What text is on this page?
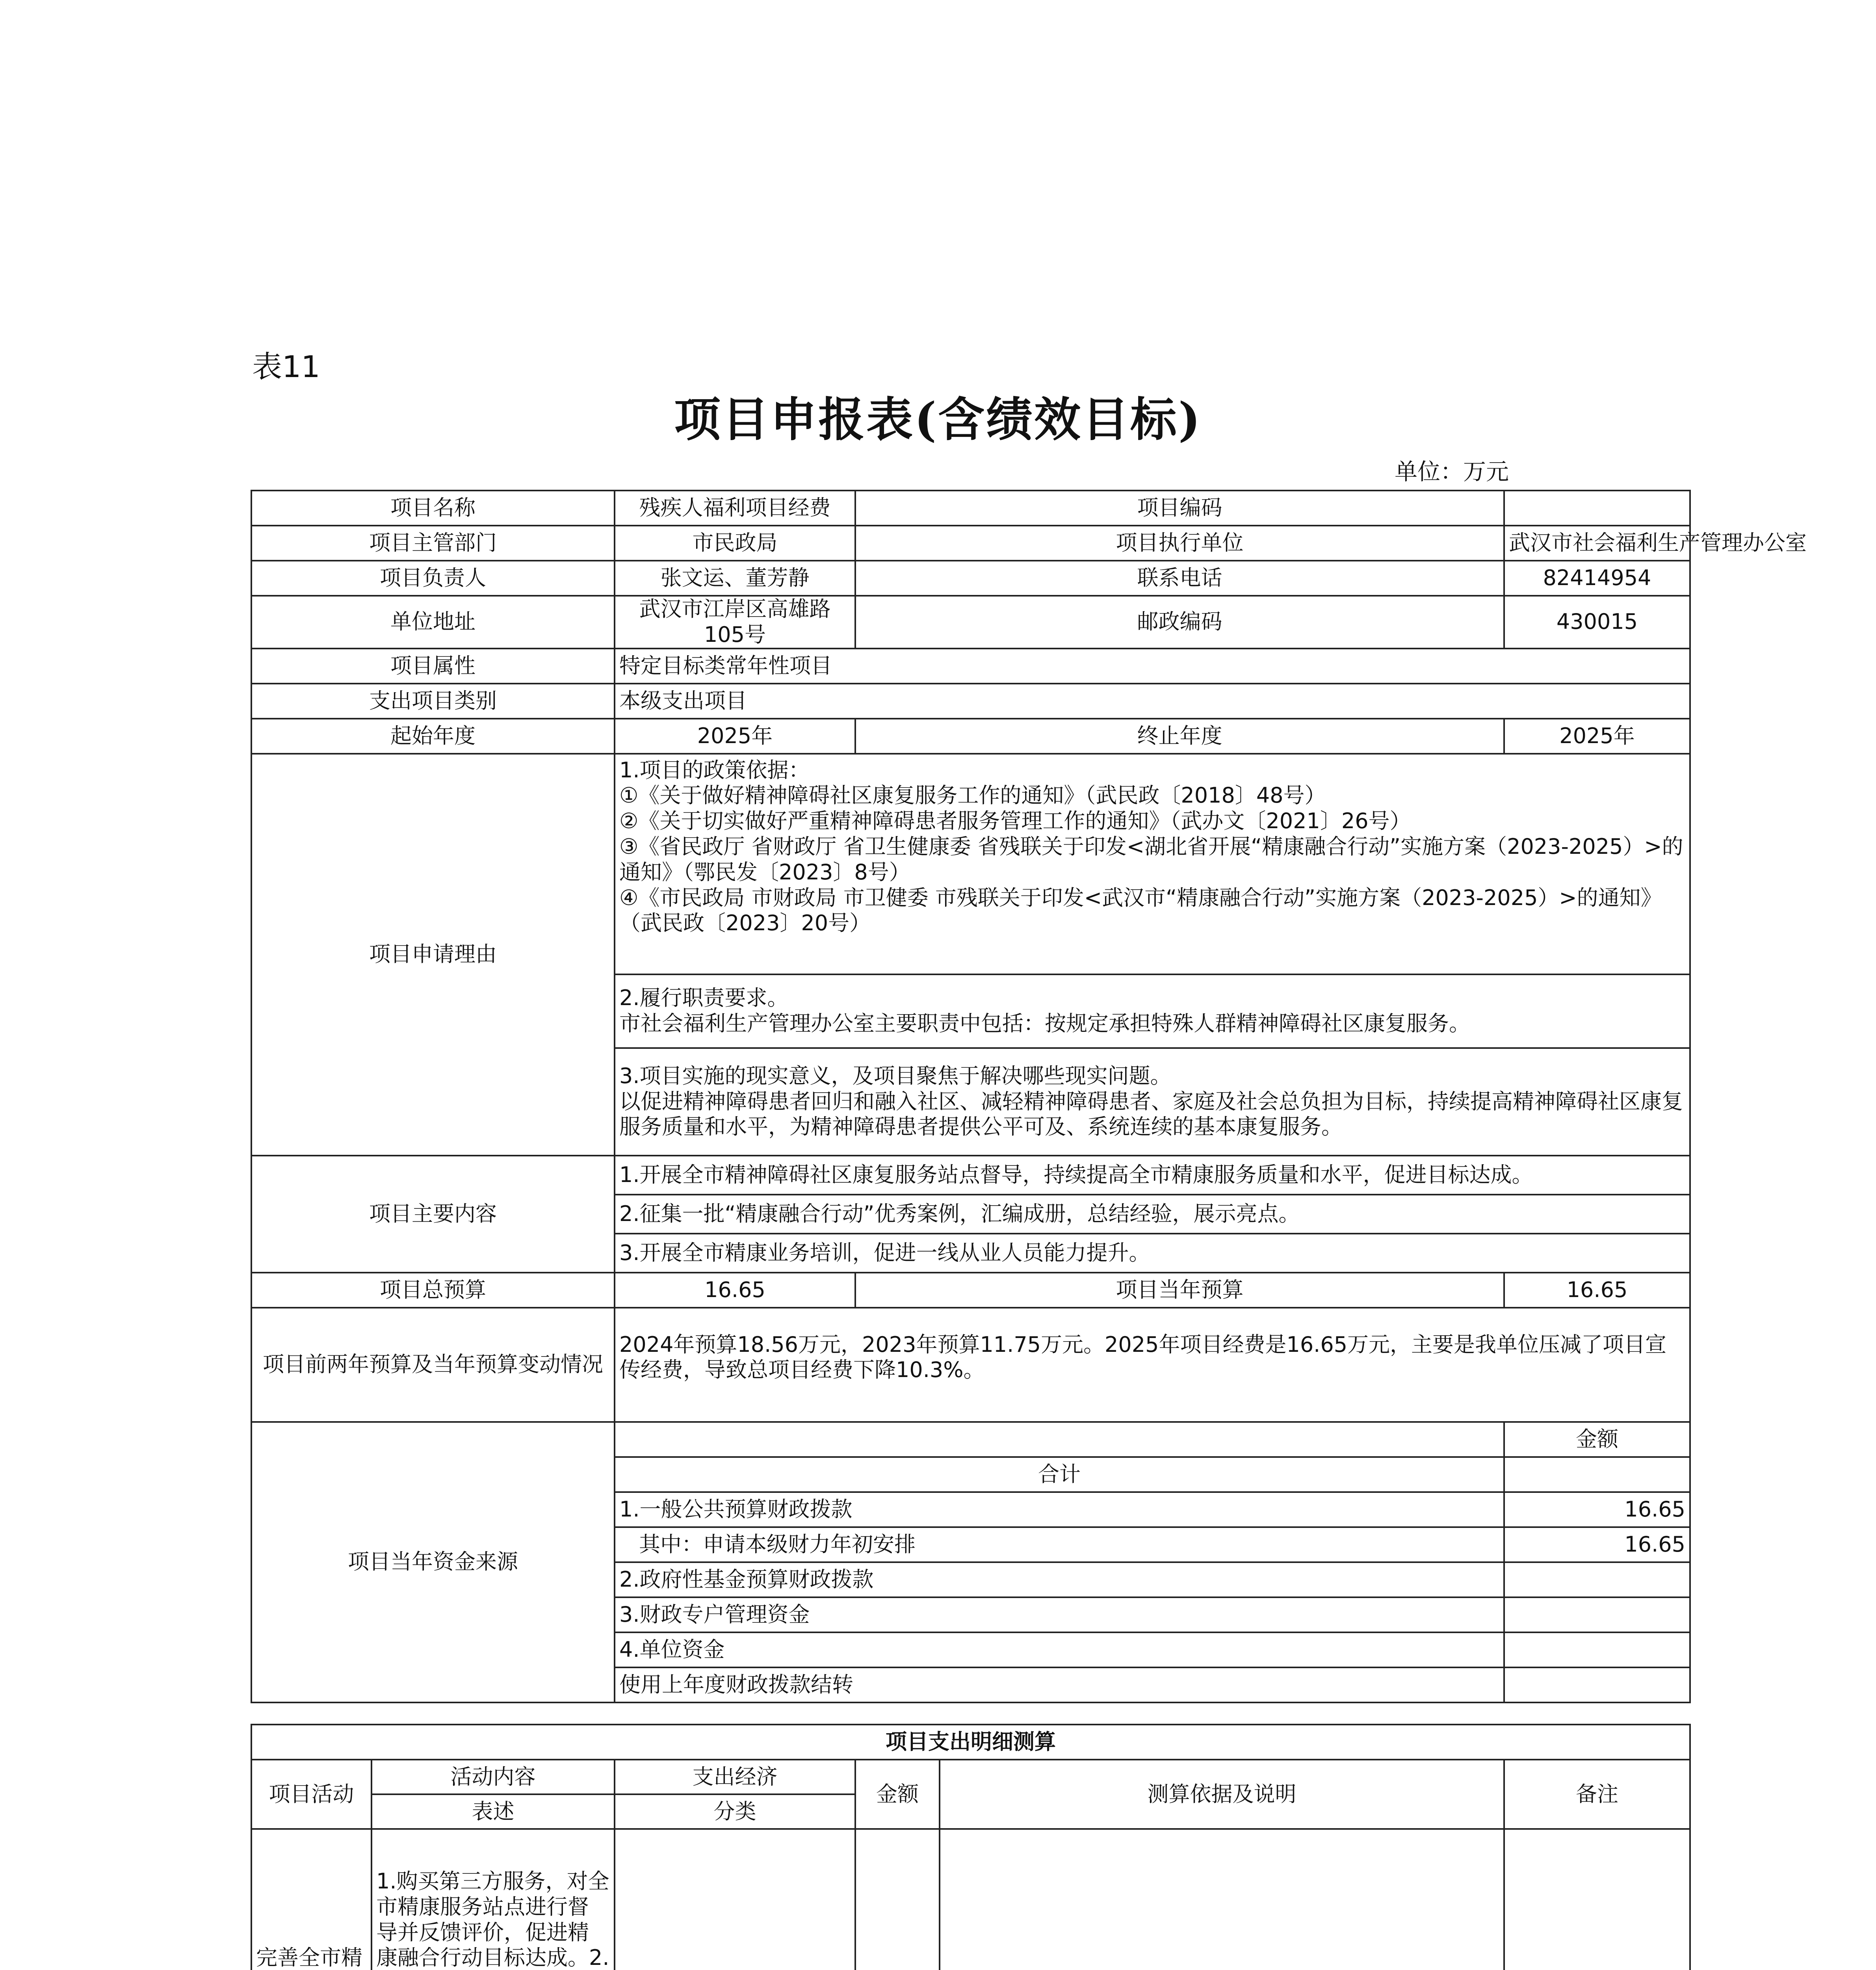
表11
项目申报表(含绩效目标)
单位：万元
项目名称	残疾人福利项目经费	项目编码	
项目主管部门	市民政局	项目执行单位	武汉市社会福利生产管理办公室
项目负责人	张文运、董芳静	联系电话	82414954
单位地址	武汉市江岸区高雄路105号	邮政编码	430015
项目属性	特定目标类常年性项目		
支出项目类别	本级支出项目		
起始年度	2025年	终止年度	2025年
项目申请理由	1.项目的政策依据：
①《关于做好精神障碍社区康复服务工作的通知》（武民政〔2018〕48号）
②《关于切实做好严重精神障碍患者服务管理工作的通知》（武办文〔2021〕26号）
③《省民政厅 省财政厅 省卫生健康委 省残联关于印发<湖北省开展“精康融合行动”实施方案（2023-2025）>的通知》（鄂民发〔2023〕8号）
④《市民政局 市财政局 市卫健委 市残联关于印发<武汉市“精康融合行动”实施方案（2023-2025）>的通知》（武民政〔2023〕20号）		

	2.履行职责要求。
市社会福利生产管理办公室主要职责中包括：按规定承担特殊人群精神障碍社区康复服务。		

	3.项目实施的现实意义，及项目聚焦于解决哪些现实问题。
以促进精神障碍患者回归和融入社区、减轻精神障碍患者、家庭及社会总负担为目标，持续提高精神障碍社区康复服务质量和水平，为精神障碍患者提供公平可及、系统连续的基本康复服务。		

项目主要内容	1.开展全市精神障碍社区康复服务站点督导，持续提高全市精康服务质量和水平，促进目标达成。		
	2.征集一批“精康融合行动”优秀案例，汇编成册，总结经验，展示亮点。		
	3.开展全市精康业务培训，促进一线从业人员能力提升。		
项目总预算	16.65	项目当年预算	16.65
项目前两年预算及当年预算变动情况	2024年预算18.56万元，2023年预算11.75万元。2025年项目经费是16.65万元，主要是我单位压减了项目宣传经费，导致总项目经费下降10.3%。		
项目当年资金来源			金额
	合计		
	1.一般公共预算财政拨款		16.65
	其中：申请本级财力年初安排		16.65
	2.政府性基金预算财政拨款		
	3.财政专户管理资金		
	4.单位资金		
	使用上年度财政拨款结转		
项目支出明细测算					
项目活动	活动内容	支出经济	金额	测算依据及说明	备注
	表述	分类			
完善全市精	1.购买第三方服务，对全市精康服务站点进行督导并反馈评价，促进精康融合行动目标达成。2.				
